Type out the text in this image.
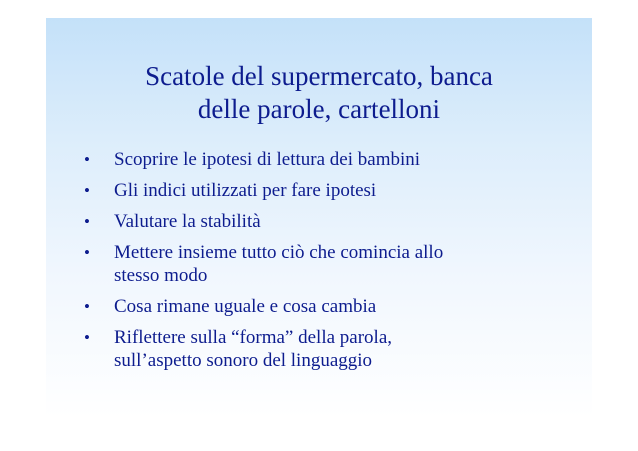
Scatole del supermercato, banca
delle parole, cartelloni
•	Scoprire le ipotesi di lettura dei bambini
•	Gli indici utilizzati per fare ipotesi
•	Valutare la stabilità
•	Mettere insieme tutto ciò che comincia allo
stesso modo
•	Cosa rimane uguale e cosa cambia
•	Riflettere sulla “forma” della parola,
sull’aspetto sonoro del linguaggio
